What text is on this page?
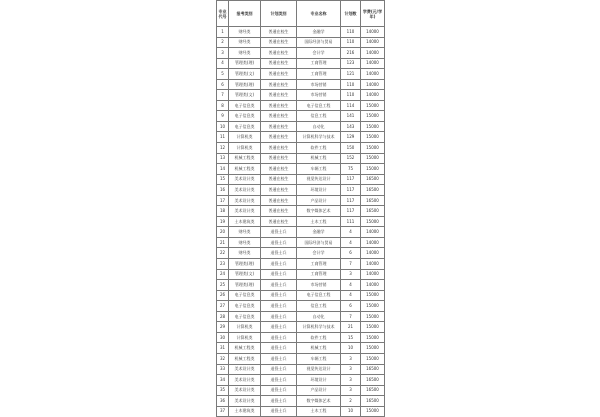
专业代号	报考类别	计划类别	专业名称	计划数	学费(元/学年)
1	财经类	普通在校生	金融学	110	14000
2	财经类	普通在校生	国际经济与贸易	110	14000
3	财经类	普通在校生	会计学	216	14000
4	管理类(理)	普通在校生	工商管理	123	14000
5	管理类(文)	普通在校生	工商管理	121	14000
6	管理类(理)	普通在校生	市场营销	110	14000
7	管理类(文)	普通在校生	市场营销	110	14000
8	电子信息类	普通在校生	电子信息工程	114	15000
9	电子信息类	普通在校生	信息工程	141	15000
10	电子信息类	普通在校生	自动化	143	15000
11	计算机类	普通在校生	计算机科学与技术	129	15000
12	计算机类	普通在校生	软件工程	150	15000
13	机械工程类	普通在校生	机械工程	152	15000
14	机械工程类	普通在校生	车辆工程	75	15000
15	美术设计类	普通在校生	视觉传达设计	117	16500
16	美术设计类	普通在校生	环境设计	117	16500
17	美术设计类	普通在校生	产品设计	117	16500
18	美术设计类	普通在校生	数字媒体艺术	117	16500
19	土木建筑类	普通在校生	土木工程	111	15000
20	财经类	退役士兵	金融学	4	14000
21	财经类	退役士兵	国际经济与贸易	4	14000
22	财经类	退役士兵	会计学	6	14000
23	管理类(理)	退役士兵	工商管理	7	14000
24	管理类(文)	退役士兵	工商管理	3	14000
25	管理类(理)	退役士兵	市场营销	4	14000
26	电子信息类	退役士兵	电子信息工程	4	15000
27	电子信息类	退役士兵	信息工程	6	15000
28	电子信息类	退役士兵	自动化	7	15000
29	计算机类	退役士兵	计算机科学与技术	21	15000
30	计算机类	退役士兵	软件工程	15	15000
31	机械工程类	退役士兵	机械工程	10	15000
32	机械工程类	退役士兵	车辆工程	3	15000
33	美术设计类	退役士兵	视觉传达设计	3	16500
34	美术设计类	退役士兵	环境设计	3	16500
35	美术设计类	退役士兵	产品设计	3	16500
36	美术设计类	退役士兵	数字媒体艺术	2	16500
37	土木建筑类	退役士兵	土木工程	10	15000
